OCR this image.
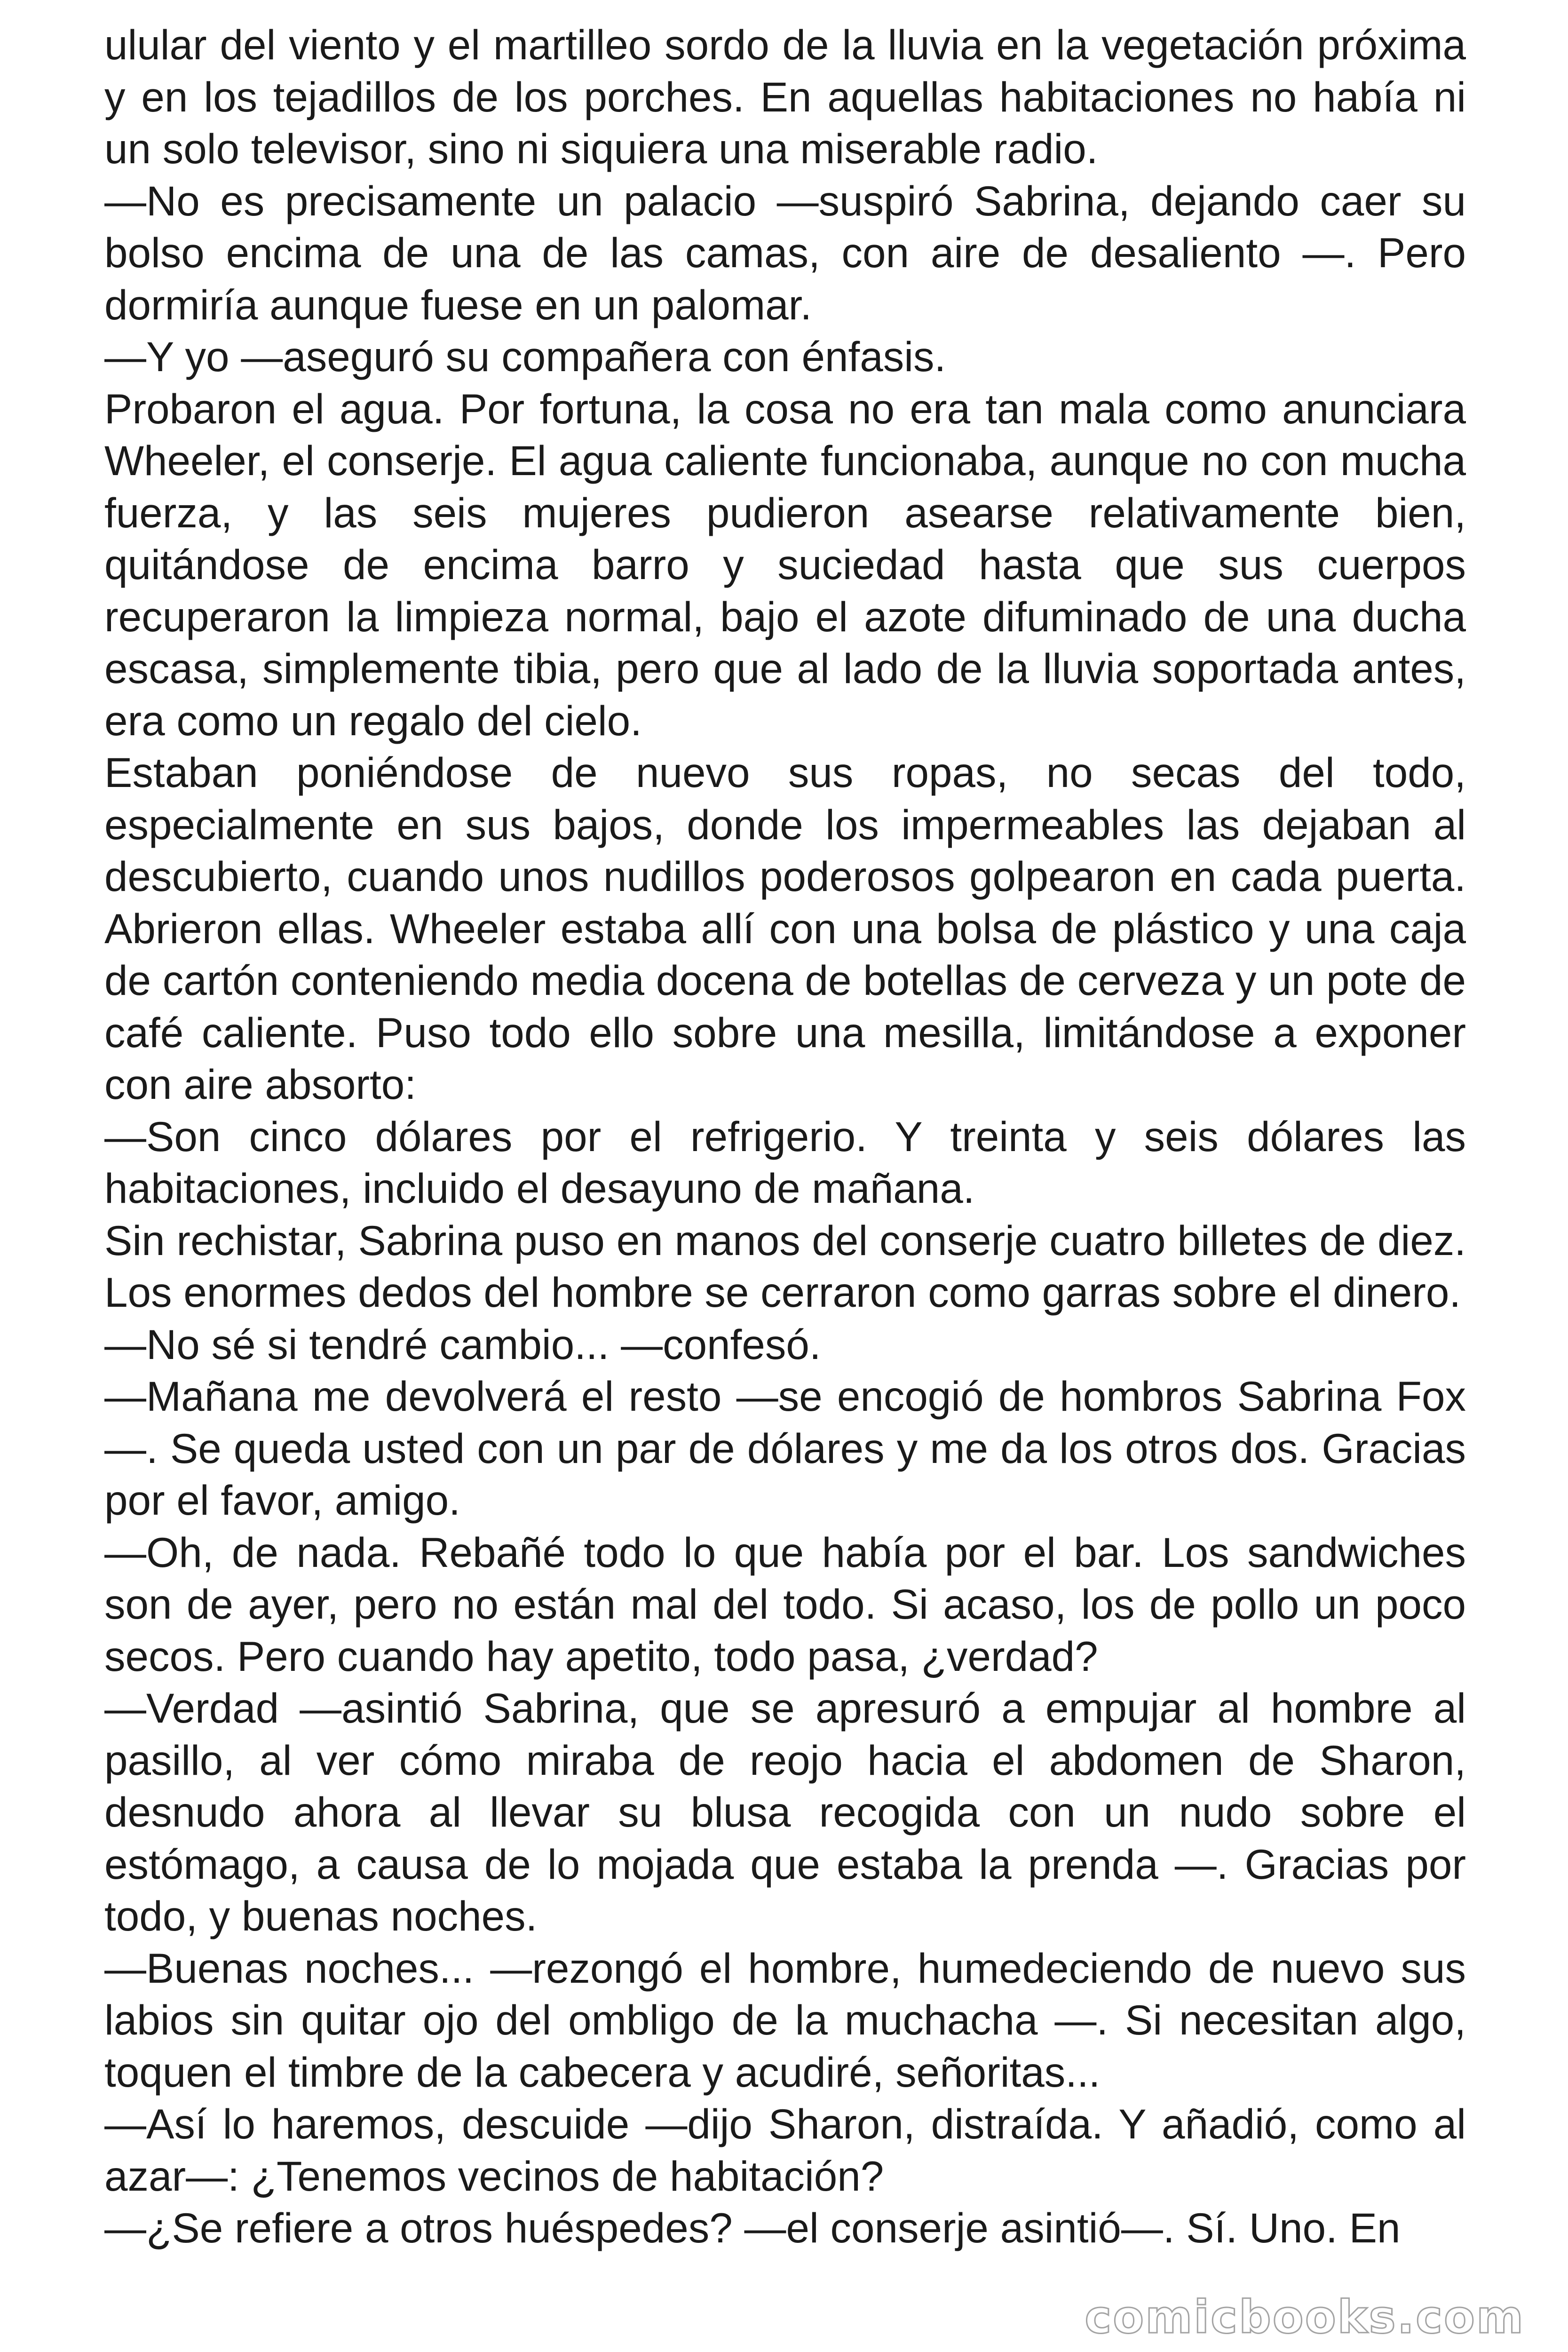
ulular del viento y el martilleo sordo de la lluvia en la vegetación próxima y en los tejadillos de los porches. En aquellas habitaciones no había ni un solo televisor, sino ni siquiera una miserable radio.

—No es precisamente un palacio —suspiró Sabrina, dejando caer su bolso encima de una de las camas, con aire de desaliento —. Pero dormiría aunque fuese en un palomar.

—Y yo —aseguró su compañera con énfasis.

Probaron el agua. Por fortuna, la cosa no era tan mala como anunciara Wheeler, el conserje. El agua caliente funcionaba, aunque no con mucha fuerza, y las seis mujeres pudieron asearse relativamente bien, quitándose de encima barro y suciedad hasta que sus cuerpos recuperaron la limpieza normal, bajo el azote difuminado de una ducha escasa, simplemente tibia, pero que al lado de la lluvia soportada antes, era como un regalo del cielo.

Estaban poniéndose de nuevo sus ropas, no secas del todo, especialmente en sus bajos, donde los impermeables las dejaban al descubierto, cuando unos nudillos poderosos golpearon en cada puerta. Abrieron ellas. Wheeler estaba allí con una bolsa de plástico y una caja de cartón conteniendo media docena de botellas de cerveza y un pote de café caliente. Puso todo ello sobre una mesilla, limitándose a exponer con aire absorto:

—Son cinco dólares por el refrigerio. Y treinta y seis dólares las habitaciones, incluido el desayuno de mañana.

Sin rechistar, Sabrina puso en manos del conserje cuatro billetes de diez. Los enormes dedos del hombre se cerraron como garras sobre el dinero.

—No sé si tendré cambio... —confesó.

—Mañana me devolverá el resto —se encogió de hombros Sabrina Fox—. Se queda usted con un par de dólares y me da los otros dos. Gracias por el favor, amigo.

—Oh, de nada. Rebañé todo lo que había por el bar. Los sandwiches son de ayer, pero no están mal del todo. Si acaso, los de pollo un poco secos. Pero cuando hay apetito, todo pasa, ¿verdad?

—Verdad —asintió Sabrina, que se apresuró a empujar al hombre al pasillo, al ver cómo miraba de reojo hacia el abdomen de Sharon, desnudo ahora al llevar su blusa recogida con un nudo sobre el estómago, a causa de lo mojada que estaba la prenda —. Gracias por todo, y buenas noches.

—Buenas noches... —rezongó el hombre, humedeciendo de nuevo sus labios sin quitar ojo del ombligo de la muchacha —. Si necesitan algo, toquen el timbre de la cabecera y acudiré, señoritas...

—Así lo haremos, descuide —dijo Sharon, distraída. Y añadió, como al azar—: ¿Tenemos vecinos de habitación?

—¿Se refiere a otros huéspedes? —el conserje asintió—. Sí. Uno. En

comicbooks.com
